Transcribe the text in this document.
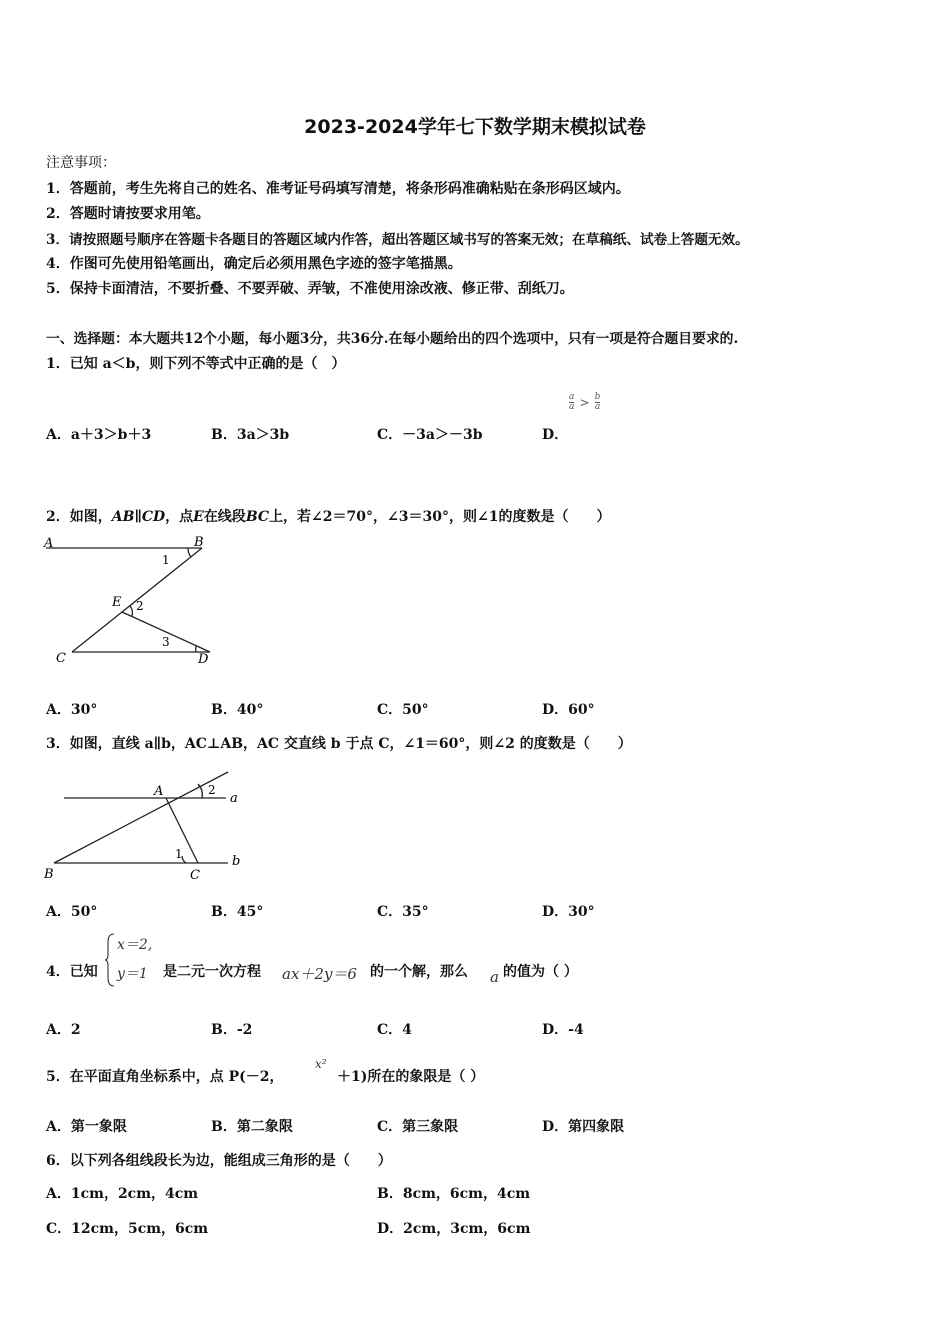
2023-2024学年七下数学期末模拟试卷
注意事项：
1．答题前，考生先将自己的姓名、准考证号码填写清楚，将条形码准确粘贴在条形码区域内。
2．答题时请按要求用笔。
3．请按照题号顺序在答题卡各题目的答题区域内作答，超出答题区域书写的答案无效；在草稿纸、试卷上答题无效。
4．作图可先使用铅笔画出，确定后必须用黑色字迹的签字笔描黑。
5．保持卡面清洁，不要折叠、不要弄破、弄皱，不准使用涂改液、修正带、刮纸刀。
一、选择题：本大题共12个小题，每小题3分，共36分.在每小题给出的四个选项中，只有一项是符合题目要求的.
1．已知 a＜b，则下列不等式中正确的是（　）
A．a＋3＞b＋3	B．3a＞3b	C．－3a＞－3b	D．
$\frac{a}{a} > \frac{b}{a}$
2．如图，AB∥CD，点E在线段BC上，若∠2＝70°，∠3＝30°，则∠1的度数是（　　）
A	B
C	D
E
1
2
3
A．30°	B．40°	C．50°	D．60°
3．如图，直线 a∥b，AC⊥AB，AC 交直线 b 于点 C，∠1＝60°，则∠2 的度数是（　　）
A
B	C
a
b
1
2
A．50°	B．45°	C．35°	D．30°
4．已知
x＝2,
y＝1 是二元一次方程 ax＋2y＝6 的一个解，那么 a 的值为（ ）
A．2	B．-2	C．4	D．-4
5．在平面直角坐标系中，点 P(－2，
x²
＋1)所在的象限是（ ）
A．第一象限	B．第二象限	C．第三象限	D．第四象限
6．以下列各组线段长为边，能组成三角形的是（　　）
A．1cm，2cm，4cm	B．8cm，6cm，4cm
C．12cm，5cm，6cm	D．2cm，3cm，6cm
